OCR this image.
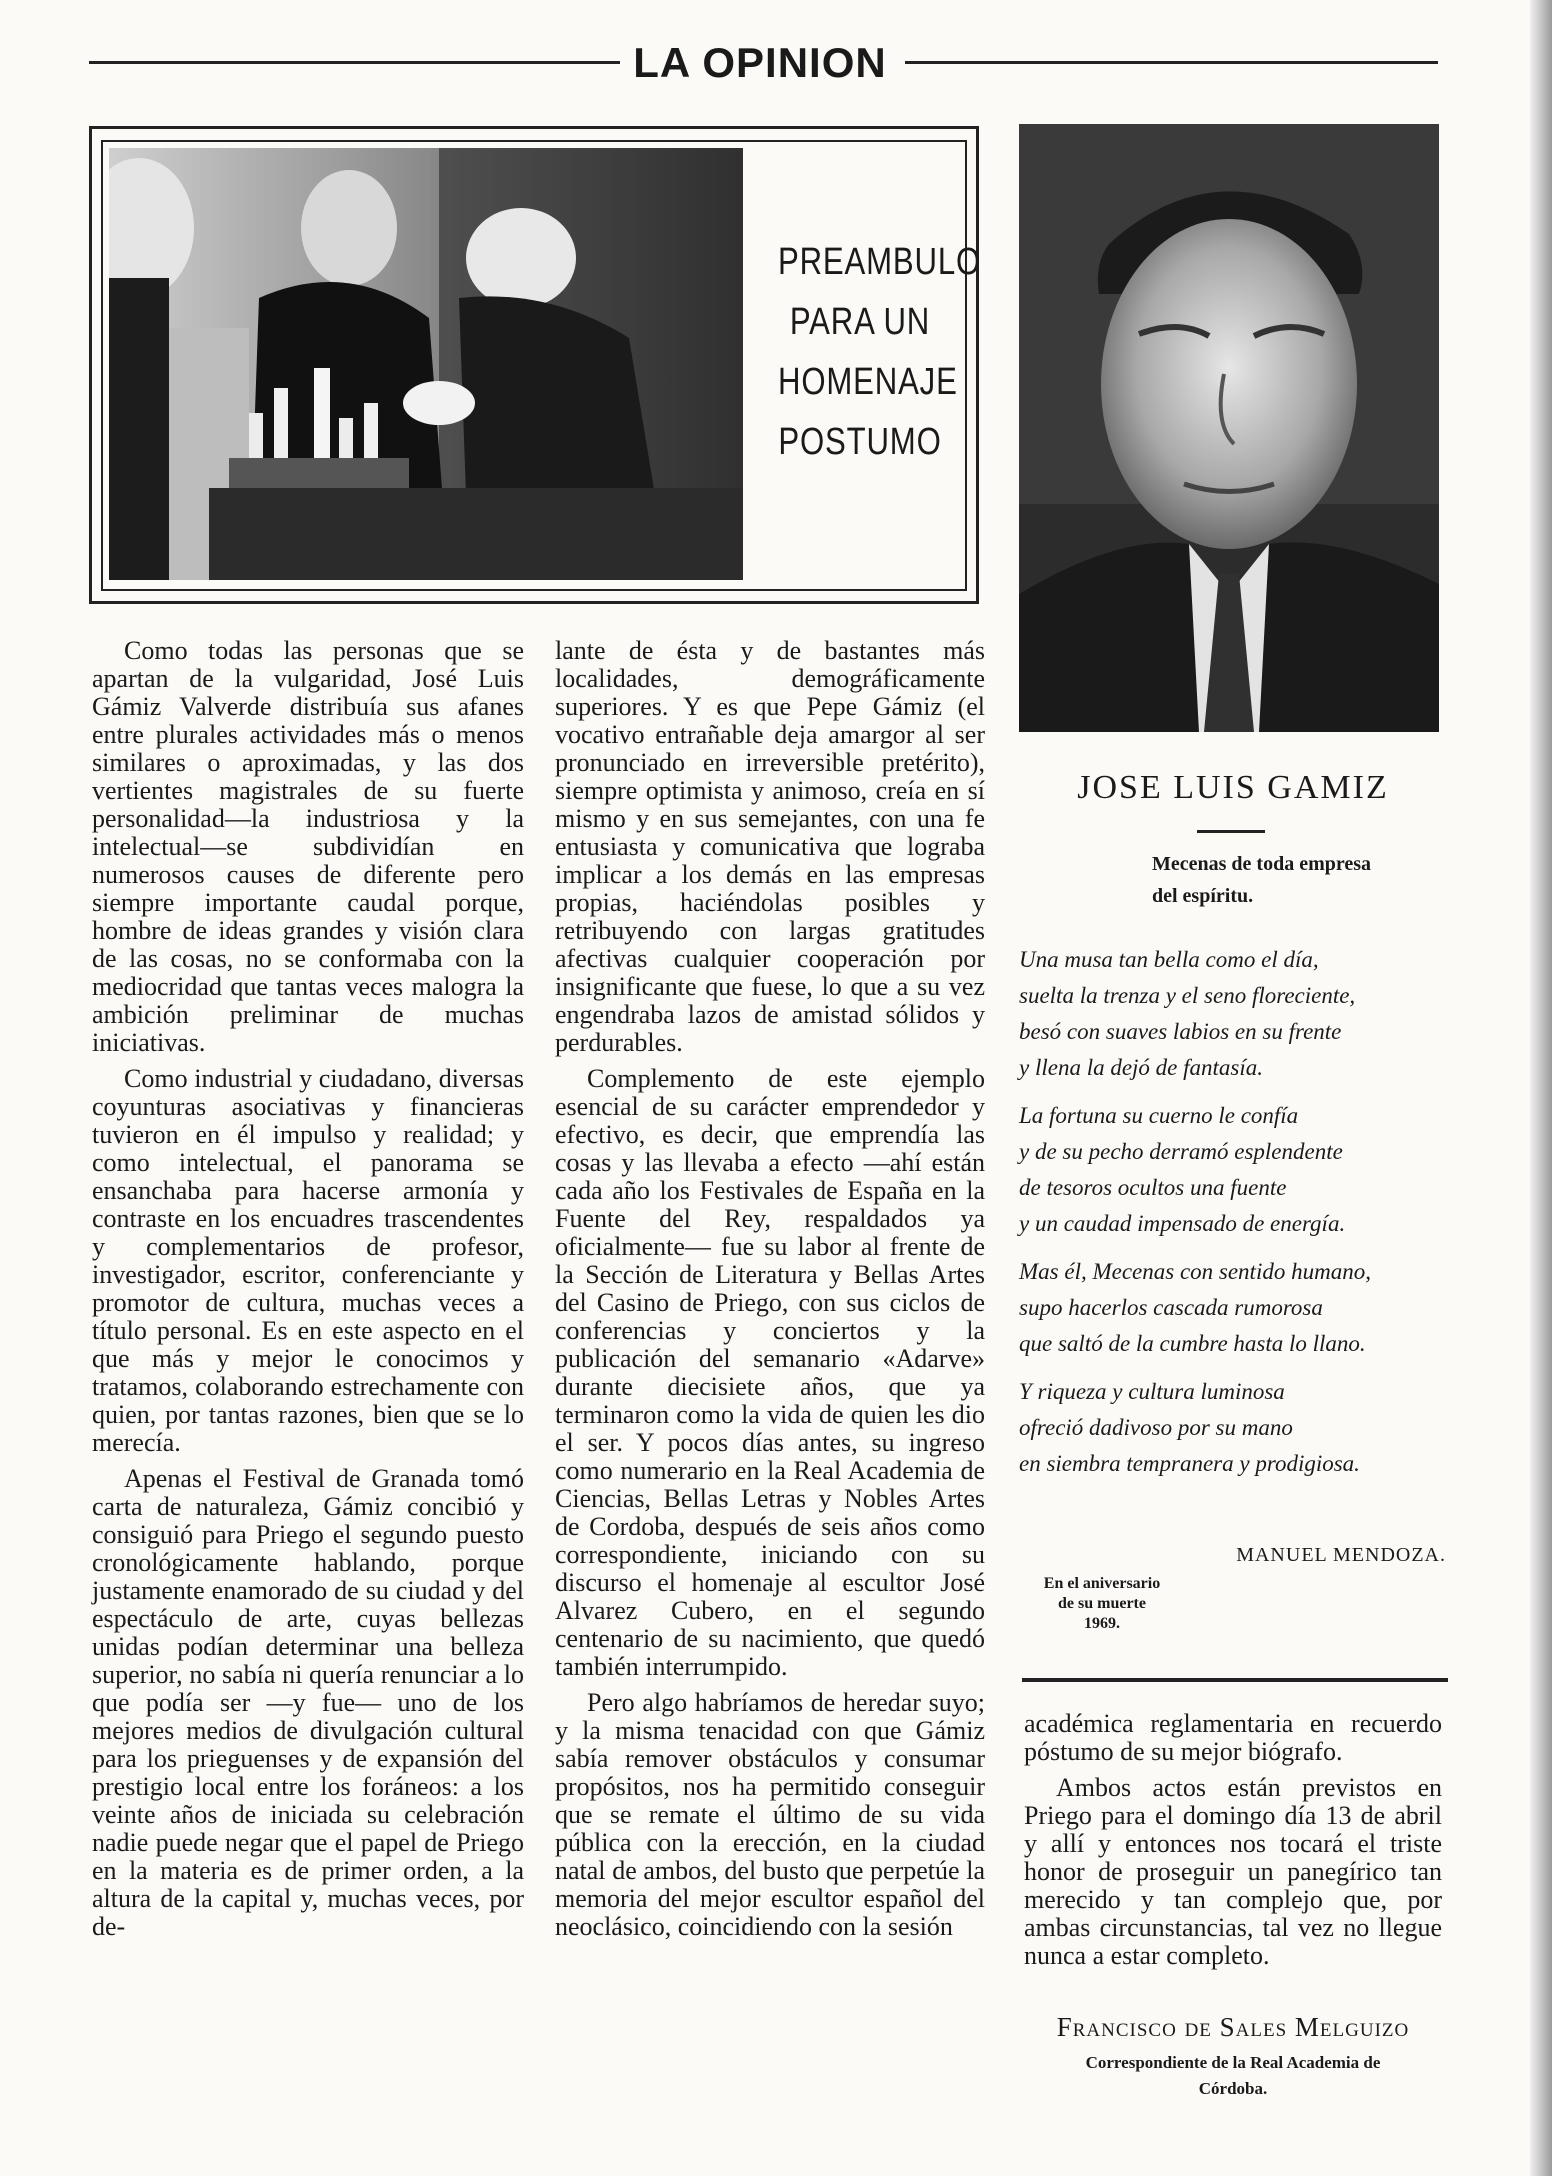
LA OPINION
PREAMBULO
PARA UN
HOMENAJE
POSTUMO
JOSE LUIS GAMIZ
Mecenas de toda empresa
del espíritu.
Una musa tan bella como el día,
suelta la trenza y el seno floreciente,
besó con suaves labios en su frente
y llena la dejó de fantasía.
La fortuna su cuerno le confía
y de su pecho derramó esplendente
de tesoros ocultos una fuente
y un caudad impensado de energía.
Mas él, Mecenas con sentido humano,
supo hacerlos cascada rumorosa
que saltó de la cumbre hasta lo llano.
Y riqueza y cultura luminosa
ofreció dadivoso por su mano
en siembra tempranera y prodigiosa.
MANUEL MENDOZA.
En el aniversario
de su muerte
1969.

Como todas las personas que se apartan de la vulgaridad, José Luis Gámiz Valverde distribuía sus afanes entre plurales actividades más o menos similares o aproximadas, y las dos vertientes magistrales de su fuerte personalidad—la industriosa y la intelectual—se subdividían en numerosos causes de diferente pero siempre importante caudal porque, hombre de ideas grandes y visión clara de las cosas, no se conformaba con la mediocridad que tantas veces malogra la ambición preliminar de muchas iniciativas.

Como industrial y ciudadano, diversas coyunturas asociativas y financieras tuvieron en él impulso y realidad; y como intelectual, el panorama se ensanchaba para hacerse armonía y contraste en los encuadres trascendentes y complementarios de profesor, investigador, escritor, conferenciante y promotor de cultura, muchas veces a título personal. Es en este aspecto en el que más y mejor le conocimos y tratamos, colaborando estrechamente con quien, por tantas razones, bien que se lo merecía.

Apenas el Festival de Granada tomó carta de naturaleza, Gámiz concibió y consiguió para Priego el segundo puesto cronológicamente hablando, porque justamente enamorado de su ciudad y del espectáculo de arte, cuyas bellezas unidas podían determinar una belleza superior, no sabía ni quería renunciar a lo que podía ser —y fue— uno de los mejores medios de divulgación cultural para los prieguenses y de expansión del prestigio local entre los foráneos: a los veinte años de iniciada su celebración nadie puede negar que el papel de Priego en la materia es de primer orden, a la altura de la capital y, muchas veces, por de-

lante de ésta y de bastantes más localidades, demográficamente superiores. Y es que Pepe Gámiz (el vocativo entrañable deja amargor al ser pronunciado en irreversible pretérito), siempre optimista y animoso, creía en sí mismo y en sus semejantes, con una fe entusiasta y comunicativa que lograba implicar a los demás en las empresas propias, haciéndolas posibles y retribuyendo con largas gratitudes afectivas cualquier cooperación por insignificante que fuese, lo que a su vez engendraba lazos de amistad sólidos y perdurables.

Complemento de este ejemplo esencial de su carácter emprendedor y efectivo, es decir, que emprendía las cosas y las llevaba a efecto —ahí están cada año los Festivales de España en la Fuente del Rey, respaldados ya oficialmente— fue su labor al frente de la Sección de Literatura y Bellas Artes del Casino de Priego, con sus ciclos de conferencias y conciertos y la publicación del semanario «Adarve» durante diecisiete años, que ya terminaron como la vida de quien les dio el ser. Y pocos días antes, su ingreso como numerario en la Real Academia de Ciencias, Bellas Letras y Nobles Artes de Cordoba, después de seis años como correspondiente, iniciando con su discurso el homenaje al escultor José Alvarez Cubero, en el segundo centenario de su nacimiento, que quedó también interrumpido.

Pero algo habríamos de heredar suyo; y la misma tenacidad con que Gámiz sabía remover obstáculos y consumar propósitos, nos ha permitido conseguir que se remate el último de su vida pública con la erección, en la ciudad natal de ambos, del busto que perpetúe la memoria del mejor escultor español del neoclásico, coincidiendo con la sesión

académica reglamentaria en recuerdo póstumo de su mejor biógrafo.

Ambos actos están previstos en Priego para el domingo día 13 de abril y allí y entonces nos tocará el triste honor de proseguir un panegírico tan merecido y tan complejo que, por ambas circunstancias, tal vez no llegue nunca a estar completo.

Francisco de Sales Melguizo
Correspondiente de la Real Academia de
Córdoba.
